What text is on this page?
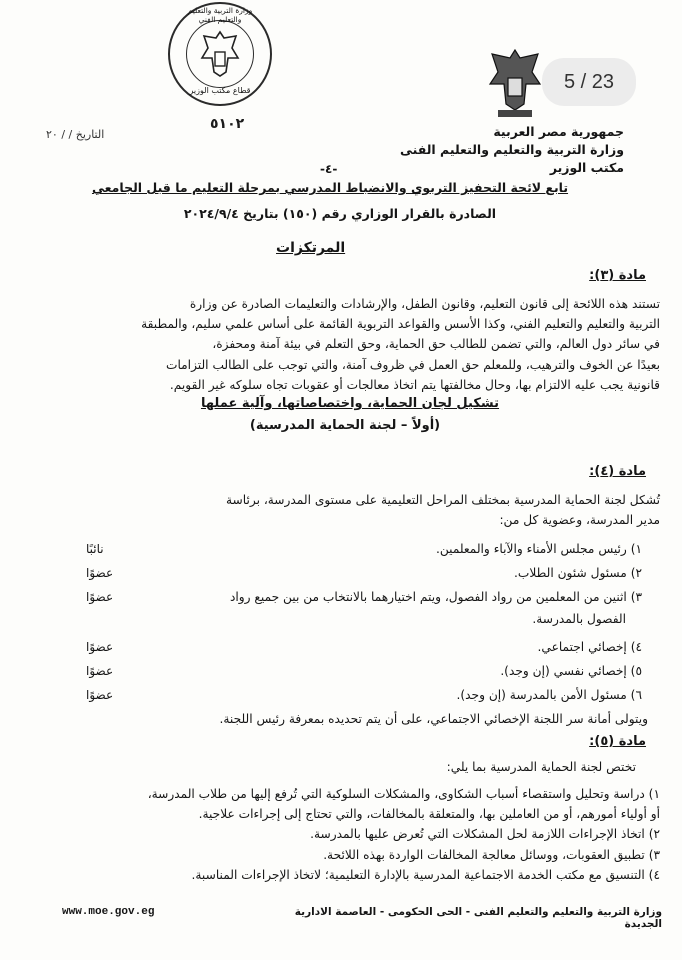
قطاع مكتب الوزير
وزارة التربية والتعليم والتعليم الفني
5 / 23
جمهورية مصر العربية
وزارة التربية والتعليم والتعليم الفنى
مكتب الوزير
٥١٠٢
التاريخ / / ٢٠
-٤-
تابع لائحة التحفيز التربوي والانضباط المدرسي بمرحلة التعليم ما قبل الجامعي
الصادرة بالقرار الوزاري رقم (١٥٠) بتاريخ ٢٠٢٤/٩/٤
المرتكزات
مادة (٣):
تستند هذه اللائحة إلى قانون التعليم، وقانون الطفل، والإرشادات والتعليمات الصادرة عن وزارة
التربية والتعليم والتعليم الفني، وكذا الأسس والقواعد التربوية القائمة على أساس علمي سليم، والمطبقة
في سائر دول العالم، والتي تضمن للطالب حق الحماية، وحق التعلم في بيئة آمنة ومحفزة،
بعيدًا عن الخوف والترهيب، وللمعلم حق العمل في ظروف آمنة، والتي توجب على الطالب التزامات
قانونية يجب عليه الالتزام بها، وحال مخالفتها يتم اتخاذ معالجات أو عقوبات تجاه سلوكه غير القويم.
تشكيل لجان الحماية، واختصاصاتها، وآلية عملها
(أولاً – لجنة الحماية المدرسية)
مادة (٤):
تُشكل لجنة الحماية المدرسية بمختلف المراحل التعليمية على مستوى المدرسة، برئاسة
مدير المدرسة، وعضوية كل من:
١) رئيس مجلس الأمناء والآباء والمعلمين.
نائبًا
٢) مسئول شئون الطلاب.
عضوًا
٣) اثنين من المعلمين من رواد الفصول، ويتم اختيارهما بالانتخاب من بين جميع رواد
عضوًا
الفصول بالمدرسة.
٤) إخصائي اجتماعي.
عضوًا
٥) إخصائي نفسي (إن وجد).
عضوًا
٦) مسئول الأمن بالمدرسة (إن وجد).
عضوًا
ويتولى أمانة سر اللجنة الإخصائي الاجتماعي، على أن يتم تحديده بمعرفة رئيس اللجنة.
مادة (٥):
تختص لجنة الحماية المدرسية بما يلي:
١) دراسة وتحليل واستقصاء أسباب الشكاوى، والمشكلات السلوكية التي تُرفع إليها من طلاب المدرسة،
أو أولياء أمورهم، أو من العاملين بها، والمتعلقة بالمخالفات، والتي تحتاج إلى إجراءات علاجية.
٢) اتخاذ الإجراءات اللازمة لحل المشكلات التي تُعرض عليها بالمدرسة.
٣) تطبيق العقوبات، ووسائل معالجة المخالفات الواردة بهذه اللائحة.
٤) التنسيق مع مكتب الخدمة الاجتماعية المدرسية بالإدارة التعليمية؛ لاتخاذ الإجراءات المناسبة.
www.moe.gov.eg	وزارة التربية والتعليم والتعليم الفنى - الحى الحكومى - العاصمة الادارية الجديدة
